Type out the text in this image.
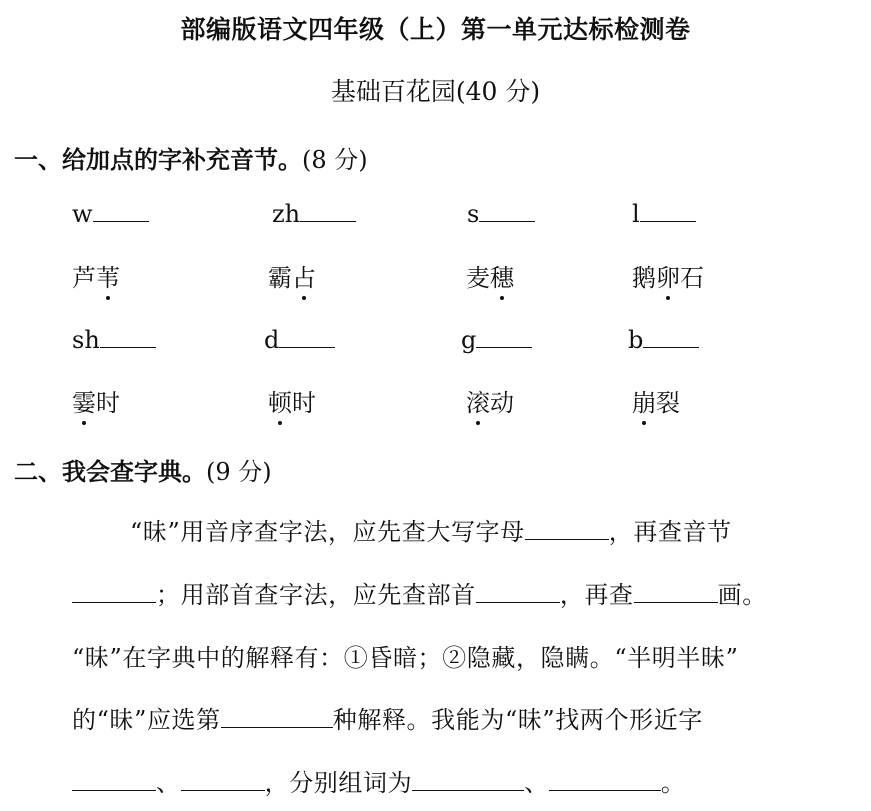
部编版语文四年级（上）第一单元达标检测卷
基础百花园(40 分)
一、给加点的字补充音节。(8 分)
w	zh	s	l
芦苇	霸占	麦穗	鹅卵石
sh	d	g	b
霎时	顿时	滚动	崩裂
二、我会查字典。(9 分)
“昧”用音序查字法，应先查大写字母	，再查音节
；用部首查字法，应先查部首	，再查	画。
“昧”在字典中的解释有：①昏暗；②隐藏，隐瞒。“半明半昧”
的“昧”应选第	种解释。我能为“昧”找两个形近字
、	，分别组词为	、	。
